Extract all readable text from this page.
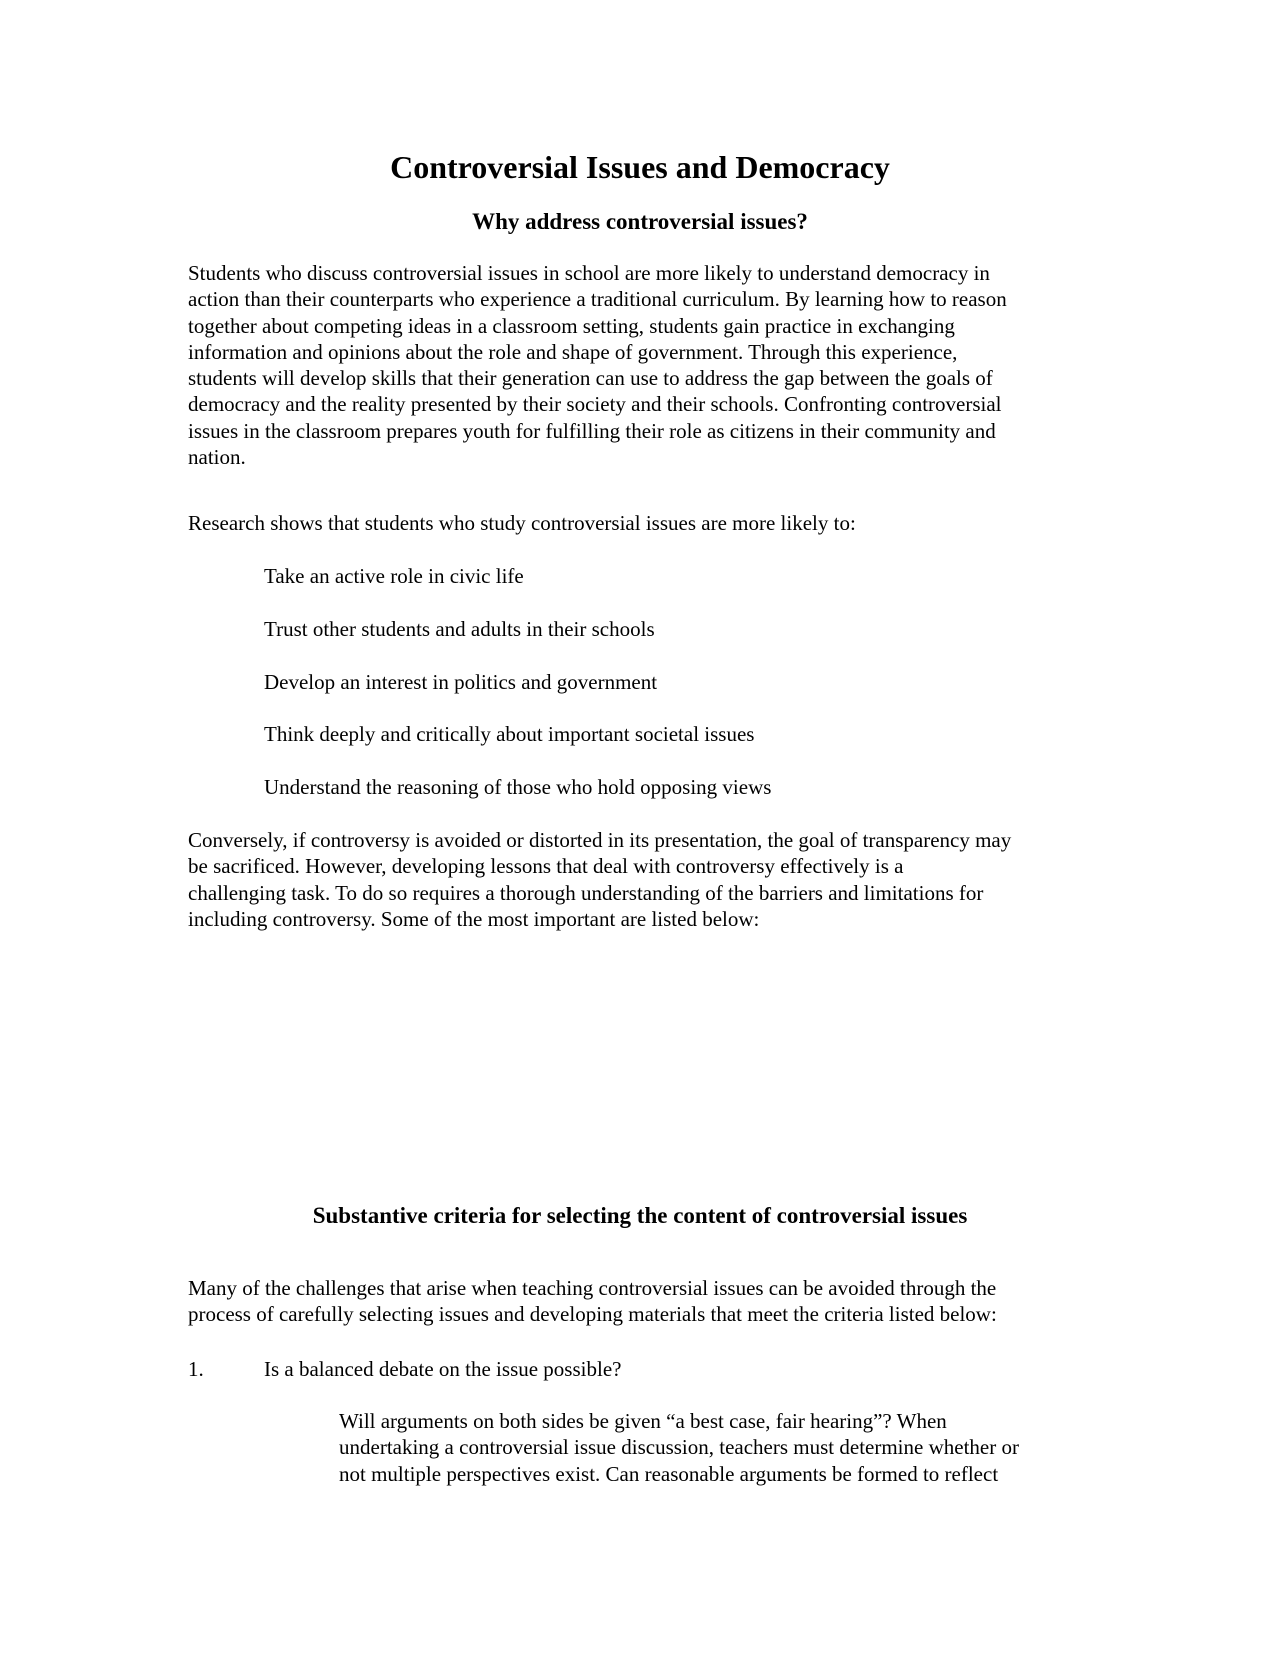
Controversial Issues and Democracy
Why address controversial issues?

Students who discuss controversial issues in school are more likely to understand democracy in
action than their counterparts who experience a traditional curriculum. By learning how to reason
together about competing ideas in a classroom setting, students gain practice in exchanging
information and opinions about the role and shape of government. Through this experience,
students will develop skills that their generation can use to address the gap between the goals of
democracy and the reality presented by their society and their schools. Confronting controversial
issues in the classroom prepares youth for fulfilling their role as citizens in their community and
nation.

Research shows that students who study controversial issues are more likely to:

Take an active role in civic life

Trust other students and adults in their schools

Develop an interest in politics and government

Think deeply and critically about important societal issues

Understand the reasoning of those who hold opposing views

Conversely, if controversy is avoided or distorted in its presentation, the goal of transparency may
be sacrificed. However, developing lessons that deal with controversy effectively is a
challenging task. To do so requires a thorough understanding of the barriers and limitations for
including controversy. Some of the most important are listed below:

Substantive criteria for selecting the content of controversial issues

Many of the challenges that arise when teaching controversial issues can be avoided through the
process of carefully selecting issues and developing materials that meet the criteria listed below:

1.	Is a balanced debate on the issue possible?

Will arguments on both sides be given “a best case, fair hearing”? When
undertaking a controversial issue discussion, teachers must determine whether or
not multiple perspectives exist. Can reasonable arguments be formed to reflect
